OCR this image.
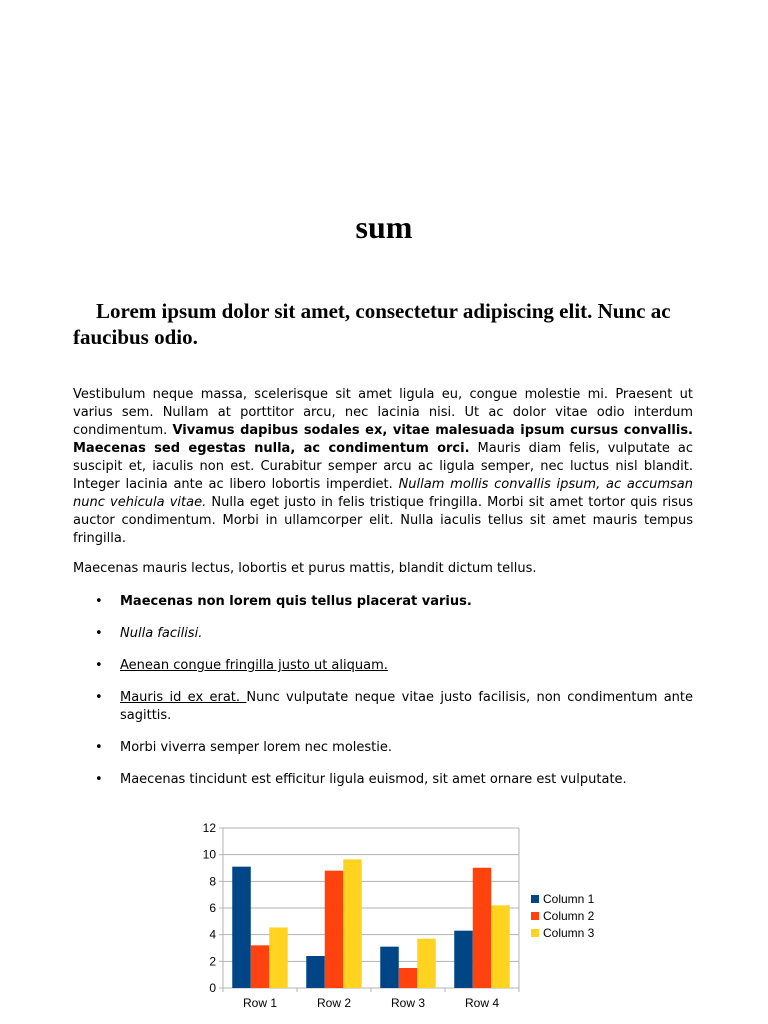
sum
Lorem ipsum dolor sit amet, consectetur adipiscing elit. Nunc ac faucibus odio.

Vestibulum neque massa, scelerisque sit amet ligula eu, congue molestie mi. Praesent ut varius sem. Nullam at porttitor arcu, nec lacinia nisi. Ut ac dolor vitae odio interdum condimentum. Vivamus dapibus sodales ex, vitae malesuada ipsum cursus convallis. Maecenas sed egestas nulla, ac condimentum orci. Mauris diam felis, vulputate ac suscipit et, iaculis non est. Curabitur semper arcu ac ligula semper, nec luctus nisl blandit. Integer lacinia ante ac libero lobortis imperdiet. Nullam mollis convallis ipsum, ac accumsan nunc vehicula vitae. Nulla eget justo in felis tristique fringilla. Morbi sit amet tortor quis risus auctor condimentum. Morbi in ullamcorper elit. Nulla iaculis tellus sit amet mauris tempus fringilla.

Maecenas mauris lectus, lobortis et purus mattis, blandit dictum tellus.

• Maecenas non lorem quis tellus placerat varius.
• Nulla facilisi.
• Aenean congue fringilla justo ut aliquam.
• Mauris id ex erat. Nunc vulputate neque vitae justo facilisis, non condimentum ante sagittis.
• Morbi viverra semper lorem nec molestie.
• Maecenas tincidunt est efficitur ligula euismod, sit amet ornare est vulputate.
0
2
4
6
8
10
12
Row 1	Row 2	Row 3	Row 4
Column 1
Column 2
Column 3
